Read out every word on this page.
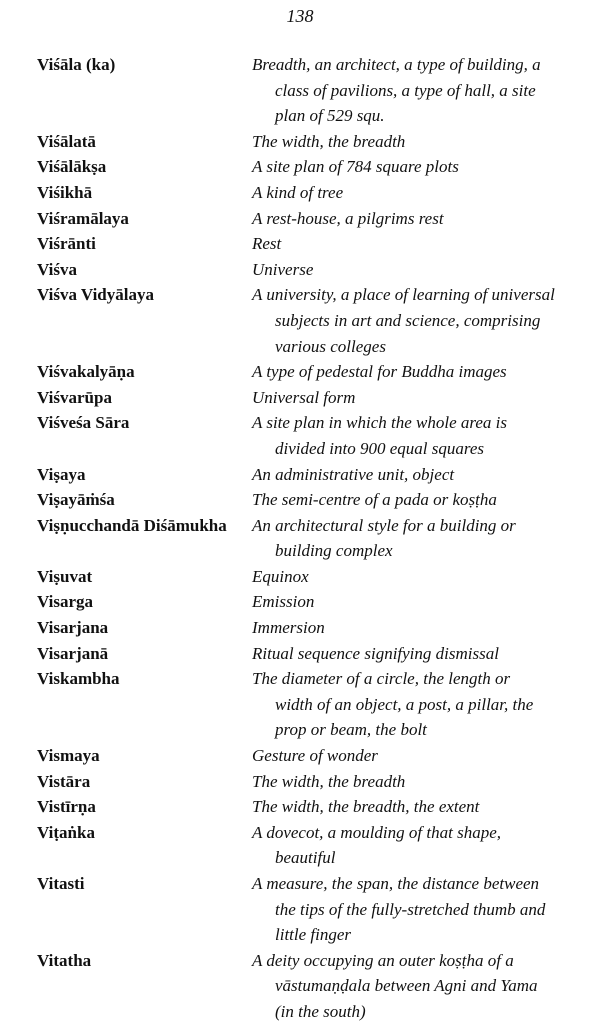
138
Viśāla (ka)	Breadth, an architect, a type of building, a
class of pavilions, a type of hall, a site
plan of 529 squ.
Viśālatā	The width, the breadth
Viśālākṣa	A site plan of 784 square plots
Viśikhā	A kind of tree
Viśramālaya	A rest-house, a pilgrims rest
Viśrānti	Rest
Viśva	Universe
Viśva Vidyālaya	A university, a place of learning of universal
subjects in art and science, comprising
various colleges
Viśvakalyāṇa	A type of pedestal for Buddha images
Viśvarūpa	Universal form
Viśveśa Sāra	A site plan in which the whole area is
divided into 900 equal squares
Viṣaya	An administrative unit, object
Viṣayāṁśa	The semi-centre of a pada or koṣṭha
Viṣṇucchandā Diśāmukha	An architectural style for a building or
building complex
Viṣuvat	Equinox
Visarga	Emission
Visarjana	Immersion
Visarjanā	Ritual sequence signifying dismissal
Viskambha	The diameter of a circle, the length or
width of an object, a post, a pillar, the
prop or beam, the bolt
Vismaya	Gesture of wonder
Vistāra	The width, the breadth
Vistīrṇa	The width, the breadth, the extent
Viṭaṅka	A dovecot, a moulding of that shape,
beautiful
Vitasti	A measure, the span, the distance between
the tips of the fully-stretched thumb and
little finger
Vitatha	A deity occupying an outer koṣṭha of a
vāstumaṇḍala between Agni and Yama
(in the south)
